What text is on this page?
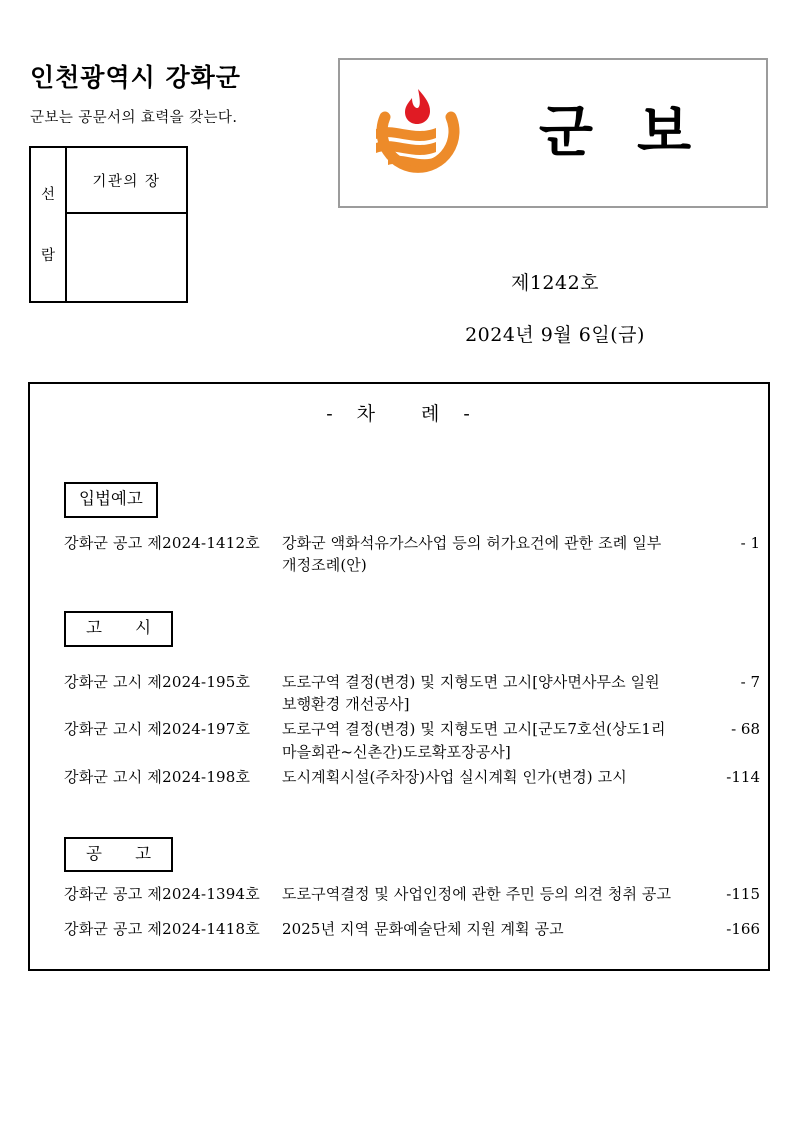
인천광역시 강화군
군보는 공문서의 효력을 갖는다.
선
람
기관의 장
군보
제1242호
2024년 9월 6일(금)
- 차 례 -
입법예고
강화군 공고 제2024-1412호	강화군 액화석유가스사업 등의 허가요건에 관한 조례 일부	- 1
개정조례(안)
고 시
강화군 고시 제2024-195호	도로구역 결정(변경) 및 지형도면 고시[양사면사무소 일원	- 7
보행환경 개선공사]
강화군 고시 제2024-197호	도로구역 결정(변경) 및 지형도면 고시[군도7호선(상도1리	- 68
마을회관~신촌간)도로확포장공사]
강화군 고시 제2024-198호	도시계획시설(주차장)사업 실시계획 인가(변경) 고시	-114
공 고
강화군 공고 제2024-1394호	도로구역결정 및 사업인정에 관한 주민 등의 의견 청취 공고	-115
강화군 공고 제2024-1418호	2025년 지역 문화예술단체 지원 계획 공고	-166
